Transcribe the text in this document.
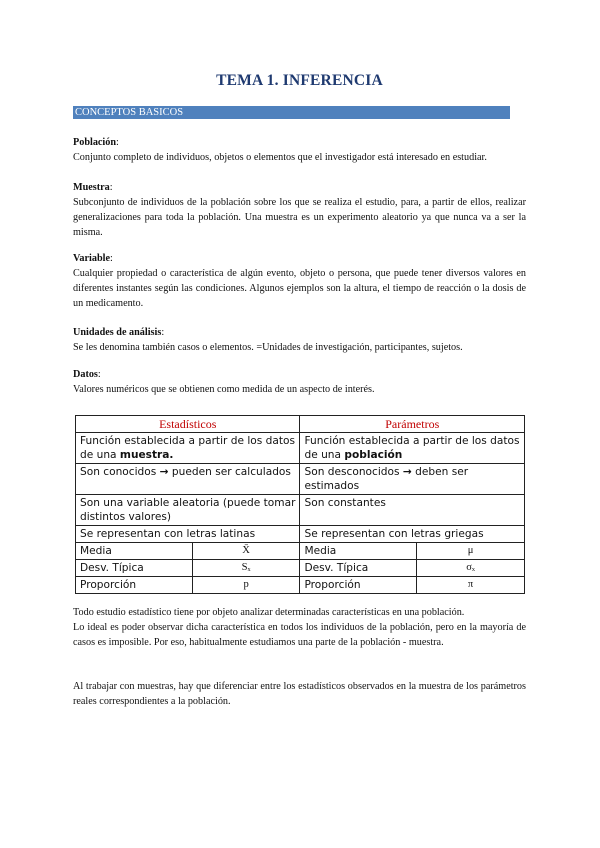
TEMA 1. INFERENCIA
CONCEPTOS BASICOS
Población:
Conjunto completo de individuos, objetos o elementos que el investigador está interesado en estudiar.
Muestra:
Subconjunto de individuos de la población sobre los que se realiza el estudio, para, a partir de ellos, realizar generalizaciones para toda la población. Una muestra es un experimento aleatorio ya que nunca va a ser la misma.
Variable:
Cualquier propiedad o característica de algún evento, objeto o persona, que puede tener diversos valores en diferentes instantes según las condiciones. Algunos ejemplos son la altura, el tiempo de reacción o la dosis de un medicamento.
Unidades de análisis:
Se les denomina también casos o elementos. =Unidades de investigación, participantes, sujetos.
Datos:
Valores numéricos que se obtienen como medida de un aspecto de interés.
Estadísticos		Parámetros	
Función establecida a partir de los datos de una muestra.		Función establecida a partir de los datos de una población	
Son conocidos → pueden ser calculados		Son desconocidos → deben ser estimados	
Son una variable aleatoria (puede tomar distintos valores)		Son constantes	
Se representan con letras latinas		Se representan con letras griegas	
Media	X̄	Media	μ
Desv. Típica	Sₓ	Desv. Típica	σₓ
Proporción	p	Proporción	π
Todo estudio estadístico tiene por objeto analizar determinadas características en una población.
Lo ideal es poder observar dicha característica en todos los individuos de la población, pero en la mayoría de casos es imposible. Por eso, habitualmente estudiamos una parte de la población - muestra.
Al trabajar con muestras, hay que diferenciar entre los estadísticos observados en la muestra de los parámetros reales correspondientes a la población.
